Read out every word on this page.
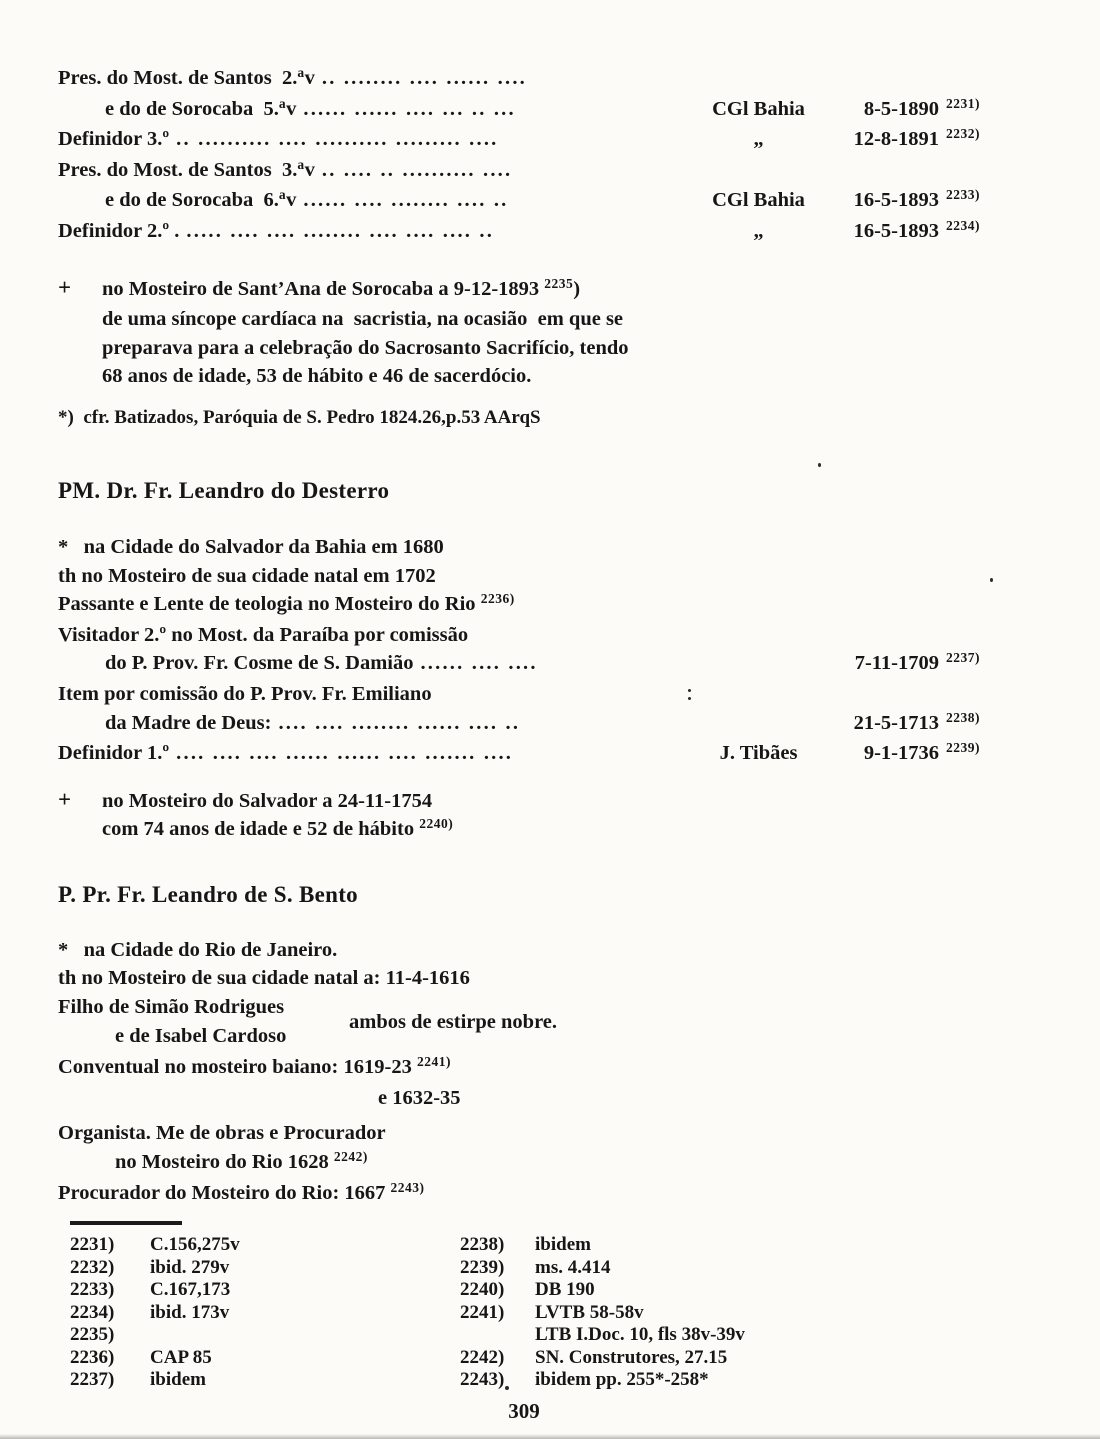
Pres. do Most. de Santos  2.av .. ........ .... ...... ....
e do de Sorocaba  5.av ...... ...... .... ... .. ...	CGl Bahia	8-5-1890 2231)
Definidor 3.º .. .......... .... .......... ......... ....	„	12-8-1891 2232)
Pres. do Most. de Santos  3.av .. .... .. .......... ....
e do de Sorocaba  6.av ...... .... ........ .... ..	CGl Bahia	16-5-1893 2233)
Definidor 2.º . ..... .... .... ........ .... .... .... ..	„	16-5-1893 2234)
+ no Mosteiro de Sant’Ana de Sorocaba a 9-12-1893 2235)
de uma síncope cardíaca na  sacristia, na ocasião  em que se
preparava para a celebração do Sacrosanto Sacrifício, tendo
68 anos de idade, 53 de hábito e 46 de sacerdócio.
*)  cfr. Batizados, Paróquia de S. Pedro 1824.26,p.53 AArqS
PM. Dr. Fr. Leandro do Desterro
*   na Cidade do Salvador da Bahia em 1680
th no Mosteiro de sua cidade natal em 1702
Passante e Lente de teologia no Mosteiro do Rio 2236)
Visitador 2.º no Most. da Paraíba por comissão
do P. Prov. Fr. Cosme de S. Damião ...... .... ....	7-11-1709 2237)
Item por comissão do P. Prov. Fr. Emiliano
da Madre de Deus: .... .... ........ ...... .... ..	21-5-1713 2238)
Definidor 1.º .... .... .... ...... ...... .... ....... ....	J. Tibães	9-1-1736 2239)
+ no Mosteiro do Salvador a 24-11-1754
com 74 anos de idade e 52 de hábito 2240)
P. Pr. Fr. Leandro de S. Bento
*   na Cidade do Rio de Janeiro.
th no Mosteiro de sua cidade natal a: 11-4-1616
Filho de Simão Rodrigues
ambos de estirpe nobre.
e de Isabel Cardoso
Conventual no mosteiro baiano: 1619-23 2241)
e 1632-35
Organista. Me de obras e Procurador
no Mosteiro do Rio 1628 2242)
Procurador do Mosteiro do Rio: 1667 2243)
2231) C.156,275v
2232) ibid. 279v
2233) C.167,173
2234) ibid. 173v
2235)
2236) CAP 85
2237) ibidem
2238) ibidem
2239) ms. 4.414
2240) DB 190
2241) LVTB 58-58v
LTB I.Doc. 10, fls 38v-39v
2242) SN. Construtores, 27.15
2243) ibidem pp. 255*-258*
309
